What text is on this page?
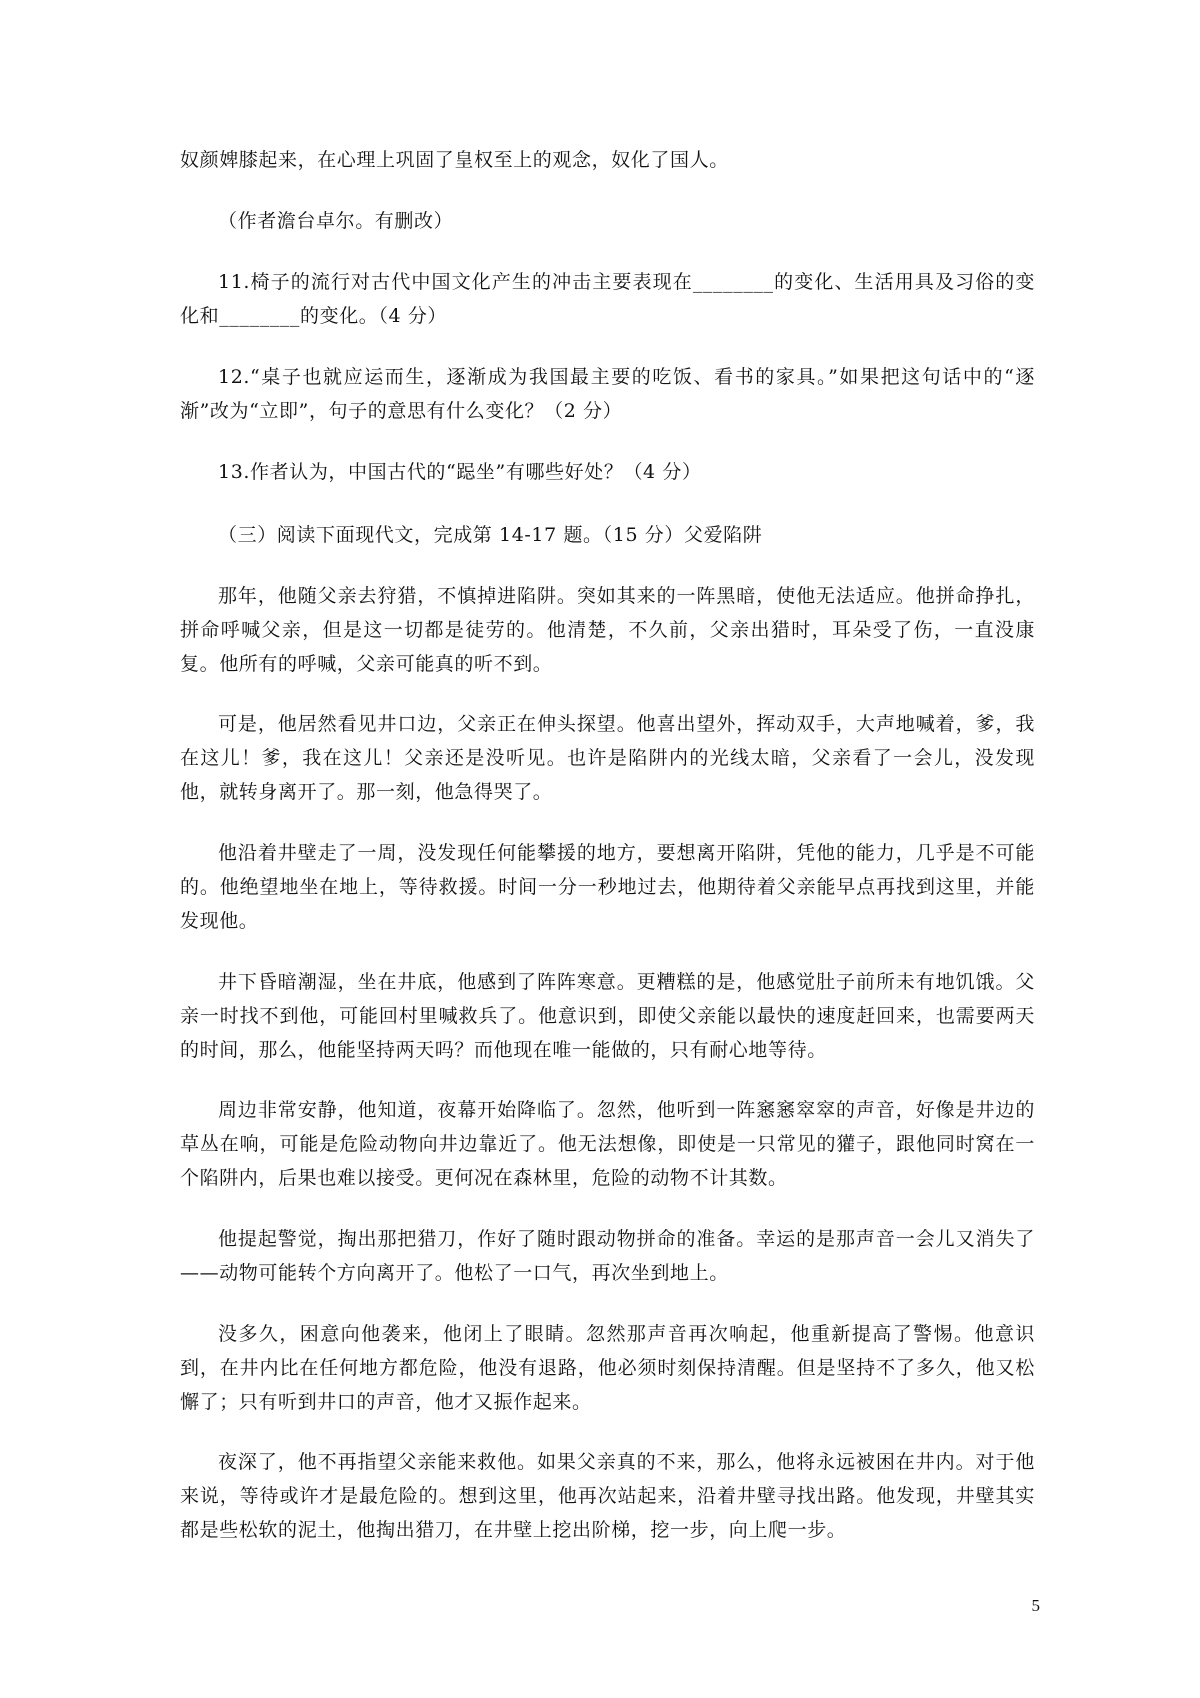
奴颜婢膝起来，在心理上巩固了皇权至上的观念，奴化了国人。

（作者澹台卓尔。有删改）

11.椅子的流行对古代中国文化产生的冲击主要表现在________的变化、生活用具及习俗的变化和________的变化。（4 分）

12.“桌子也就应运而生，逐渐成为我国最主要的吃饭、看书的家具。”如果把这句话中的“逐渐”改为“立即”，句子的意思有什么变化？（2 分）

13.作者认为，中国古代的“跽坐”有哪些好处？（4 分）

（三）阅读下面现代文，完成第 14-17 题。（15 分）父爱陷阱

那年，他随父亲去狩猎，不慎掉进陷阱。突如其来的一阵黑暗，使他无法适应。他拼命挣扎，拼命呼喊父亲，但是这一切都是徒劳的。他清楚，不久前，父亲出猎时，耳朵受了伤，一直没康复。他所有的呼喊，父亲可能真的听不到。

可是，他居然看见井口边，父亲正在伸头探望。他喜出望外，挥动双手，大声地喊着，爹，我在这儿！爹，我在这儿！父亲还是没听见。也许是陷阱内的光线太暗，父亲看了一会儿，没发现他，就转身离开了。那一刻，他急得哭了。

他沿着井壁走了一周，没发现任何能攀援的地方，要想离开陷阱，凭他的能力，几乎是不可能的。他绝望地坐在地上，等待救援。时间一分一秒地过去，他期待着父亲能早点再找到这里，并能发现他。

井下昏暗潮湿，坐在井底，他感到了阵阵寒意。更糟糕的是，他感觉肚子前所未有地饥饿。父亲一时找不到他，可能回村里喊救兵了。他意识到，即使父亲能以最快的速度赶回来，也需要两天的时间，那么，他能坚持两天吗？而他现在唯一能做的，只有耐心地等待。

周边非常安静，他知道，夜幕开始降临了。忽然，他听到一阵窸窸窣窣的声音，好像是井边的草丛在响，可能是危险动物向井边靠近了。他无法想像，即使是一只常见的獾子，跟他同时窝在一个陷阱内，后果也难以接受。更何况在森林里，危险的动物不计其数。

他提起警觉，掏出那把猎刀，作好了随时跟动物拼命的准备。幸运的是那声音一会儿又消失了——动物可能转个方向离开了。他松了一口气，再次坐到地上。

没多久，困意向他袭来，他闭上了眼睛。忽然那声音再次响起，他重新提高了警惕。他意识到，在井内比在任何地方都危险，他没有退路，他必须时刻保持清醒。但是坚持不了多久，他又松懈了；只有听到井口的声音，他才又振作起来。

夜深了，他不再指望父亲能来救他。如果父亲真的不来，那么，他将永远被困在井内。对于他来说，等待或许才是最危险的。想到这里，他再次站起来，沿着井壁寻找出路。他发现，井壁其实都是些松软的泥土，他掏出猎刀，在井壁上挖出阶梯，挖一步，向上爬一步。

5
